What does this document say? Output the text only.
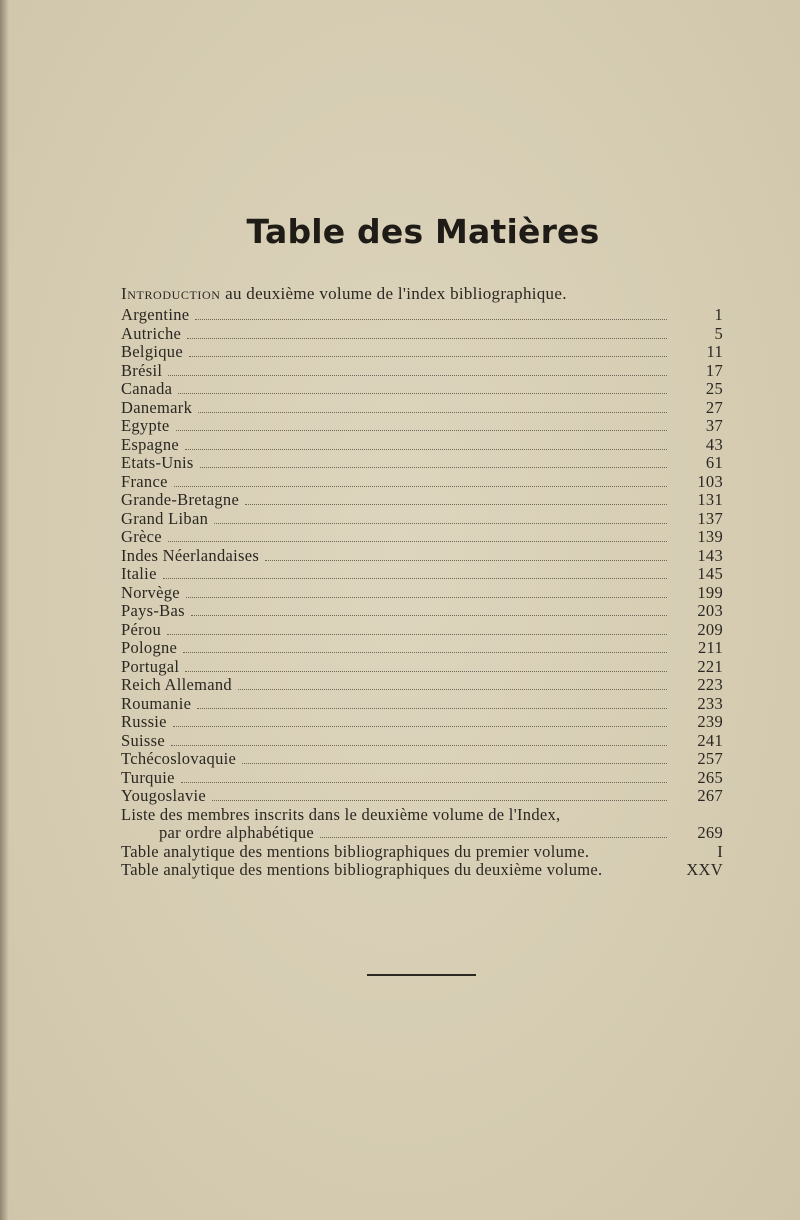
Table des Matières
Introduction au deuxième volume de l'index bibliographique.
Argentine	1
Autriche	5
Belgique	11
Brésil	17
Canada	25
Danemark	27
Egypte	37
Espagne	43
Etats-Unis	61
France	103
Grande-Bretagne	131
Grand Liban	137
Grèce	139
Indes Néerlandaises	143
Italie	145
Norvège	199
Pays-Bas	203
Pérou	209
Pologne	211
Portugal	221
Reich Allemand	223
Roumanie	233
Russie	239
Suisse	241
Tchécoslovaquie	257
Turquie	265
Yougoslavie	267
Liste des membres inscrits dans le deuxième volume de l'Index,
par ordre alphabétique	269
Table analytique des mentions bibliographiques du premier volume.	I
Table analytique des mentions bibliographiques du deuxième volume.	XXV
